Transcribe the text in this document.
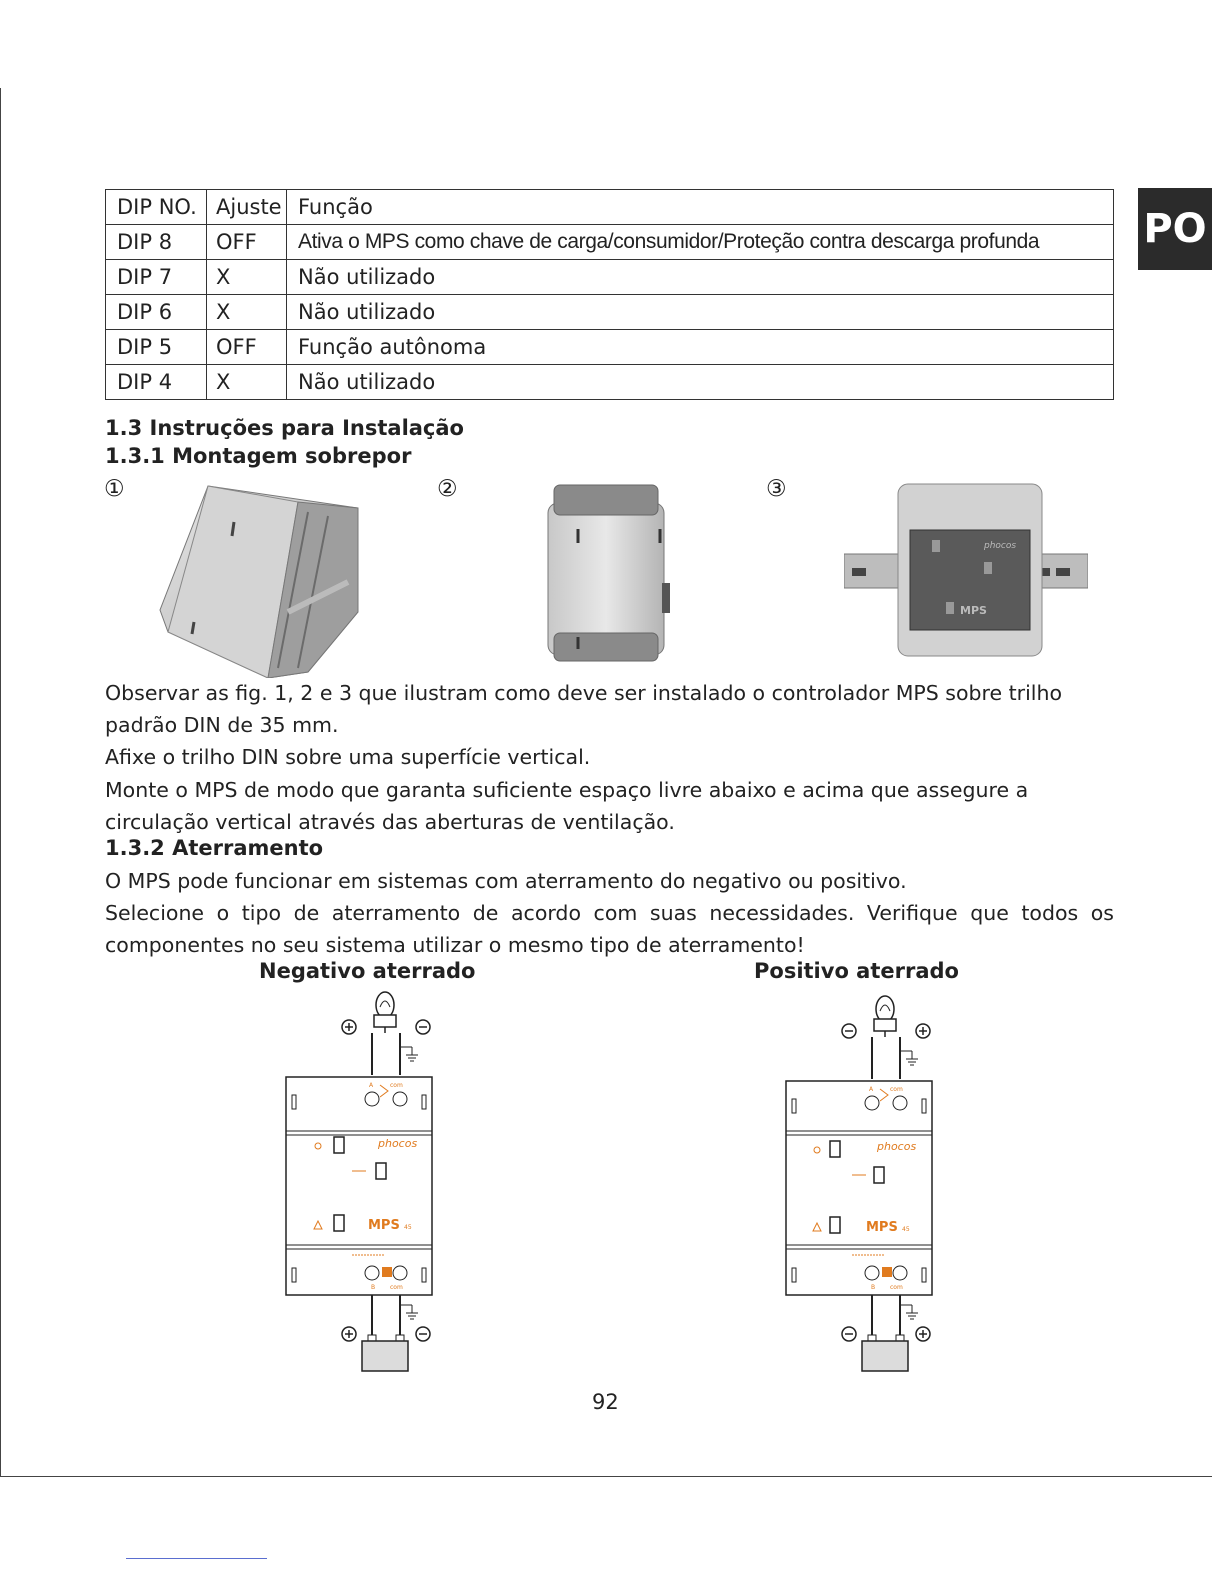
PO
DIP NO.	Ajuste	Função
DIP 8	OFF	Ativa o MPS como chave de carga/consumidor/Proteção contra descarga profunda
DIP 7	X	Não utilizado
DIP 6	X	Não utilizado
DIP 5	OFF	Função autônoma
DIP 4	X	Não utilizado
1.3 Instruções para Instalação
1.3.1 Montagem sobrepor
①	②	③
phocos
MPS
Observar as fig. 1, 2 e 3 que ilustram como deve ser instalado o controlador MPS sobre trilho
padrão DIN de 35 mm.
Afixe o trilho DIN sobre uma superfície vertical.
Monte o MPS de modo que garanta suficiente espaço livre abaixo e acima que assegure a
circulação vertical através das aberturas de ventilação.
1.3.2 Aterramento
O MPS pode funcionar em sistemas com aterramento do negativo ou positivo.
Selecione o tipo de aterramento de acordo com suas necessidades. Verifique que todos os
componentes no seu sistema utilizar o mesmo tipo de aterramento!
Negativo aterrado	Positivo aterrado
A	com
phocos
MPS 45
B com
A	com
phocos
MPS 45
B com
92
